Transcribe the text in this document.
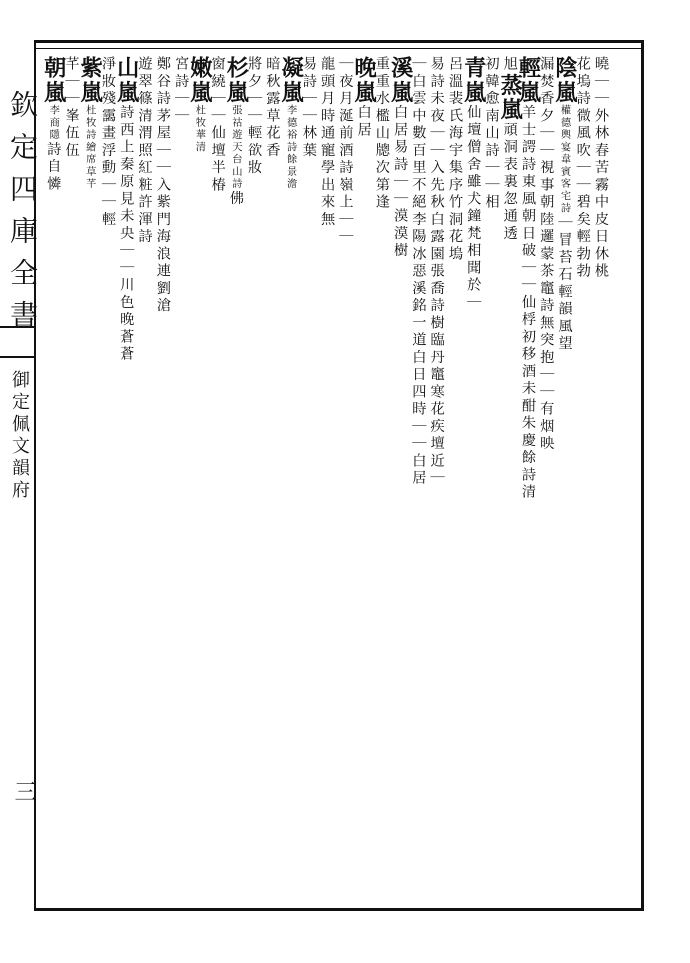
欽定四庫全書
御定佩文韻府
三
曉｜｜外林春苦霧中皮日休桃
花塢詩微風吹｜｜碧矣輕勃勃
陰嵐權德輿宴韋賓客宅詩｜冒苔石輕韻風望
漏焚香夕｜｜視事朝陸邏蒙茶竈詩無突抱｜｜有烟映
輕嵐羊士諤詩東風朝日破｜｜仙桴初移酒未酣朱慶餘詩清
旭蒸嵐頑洞表裏忽通透
初韓愈南山詩｜｜相
青嵐仙壇僧舍雖犬鐘梵相聞於｜
呂溫裴氏海宇集序竹洞花塢
易詩未夜｜｜入先秋白露園張喬詩樹臨丹竈寒花疾壇近｜
｜白雲中數百里不絕李陽冰惡溪銘一道白日四時｜｜白居
溪嵐白居易詩｜｜漠漠樹
重重水檻山牕次第逢
晚嵐白居
｜夜月涎前酒詩嶺上｜｜
龍頭月時通寵學出來無
易詩｜｜林葉
凝嵐李德裕詩餘景澹
暗秋露草花香
將夕｜｜輕欲妝
杉嵐張祜遊天台山詩佛
窗繞｜｜仙壇半椿
嫩嵐杜牧華清
宮詩｜｜
鄭谷詩茅屋｜｜入紫門海浪連劉滄
遊翠篠清渭照紅粧許渾詩
山嵐詩西上秦原見未央｜｜川色晚蒼蒼
淨妝殘靄畫浮動｜｜輕
紫嵐杜牧詩繪席草芊
芊｜｜峯伍伍
朝嵐李商隱詩自憐
